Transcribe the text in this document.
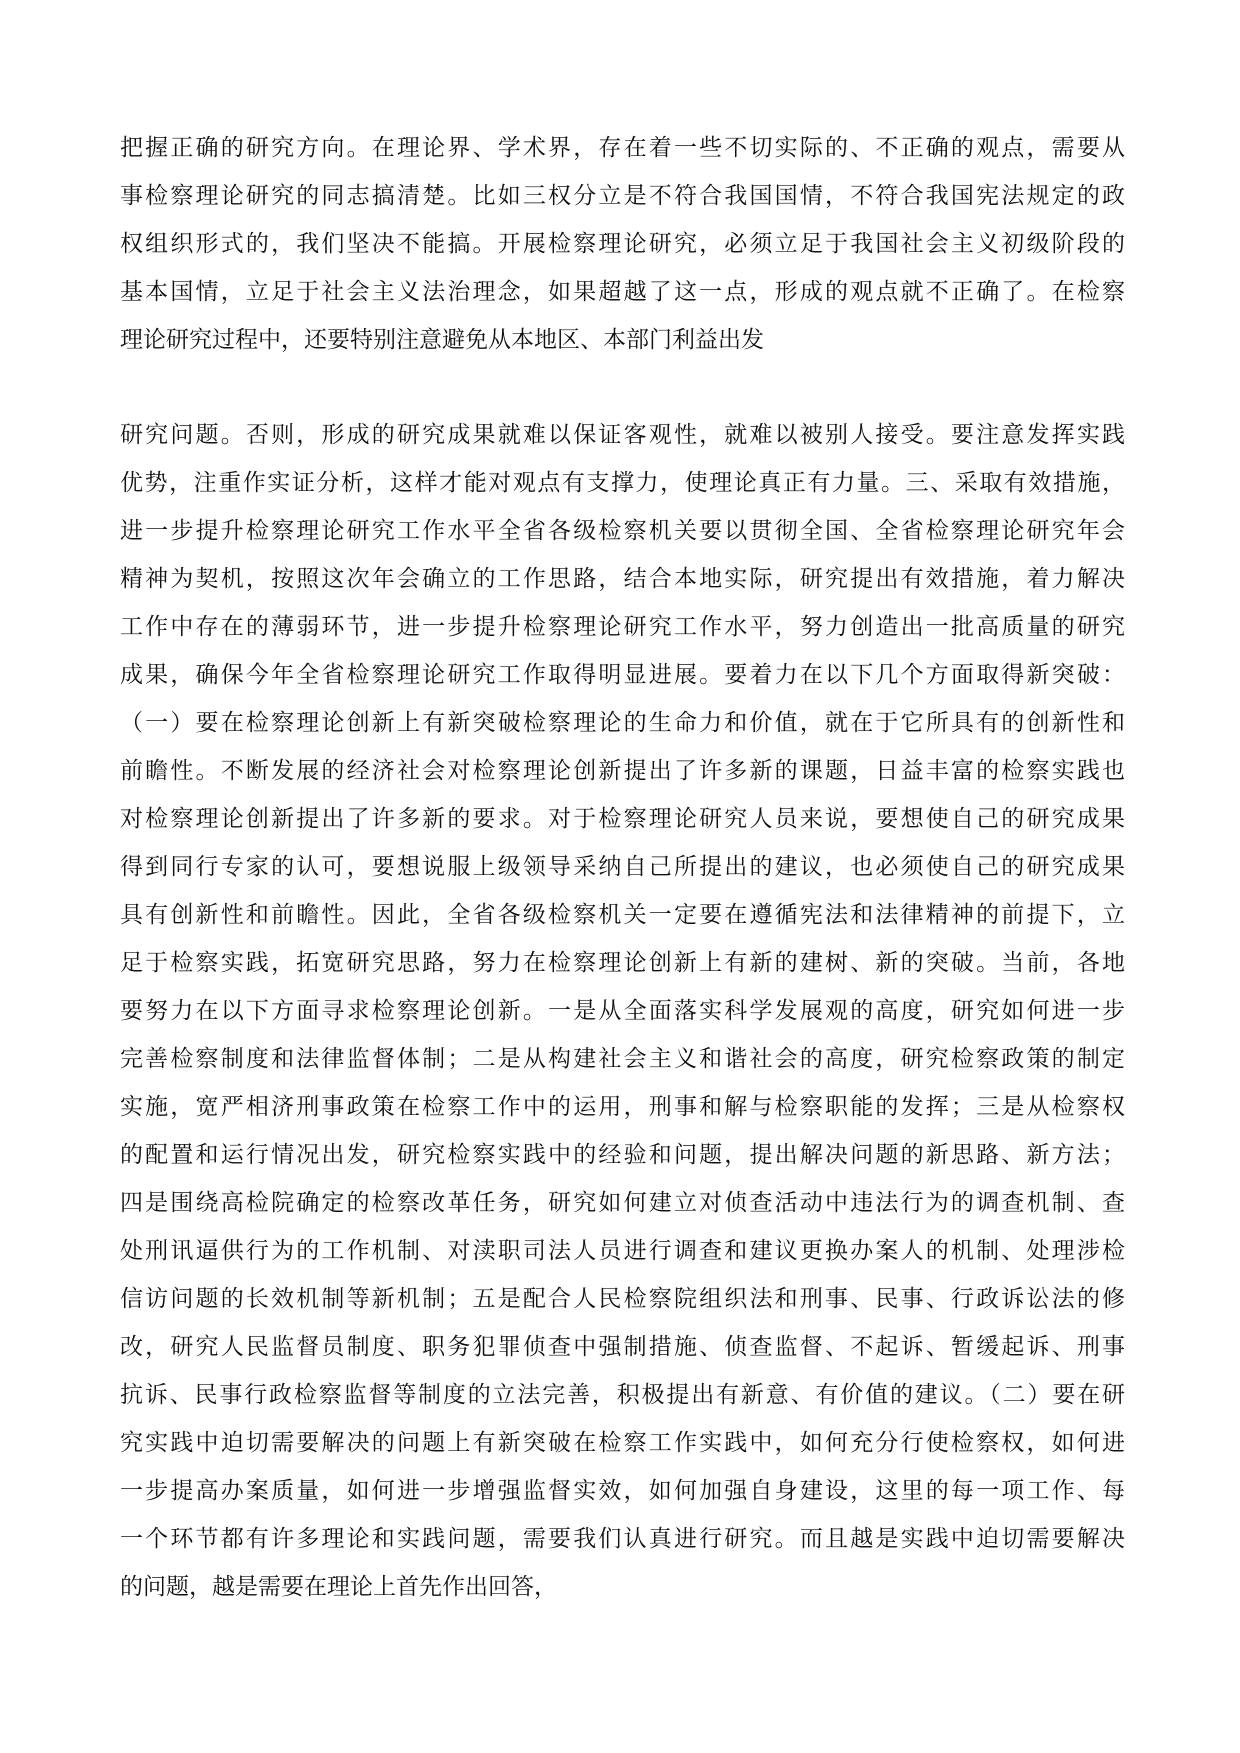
把握正确的研究方向。在理论界、学术界，存在着一些不切实际的、不正确的观点，需要从
事检察理论研究的同志搞清楚。比如三权分立是不符合我国国情，不符合我国宪法规定的政
权组织形式的，我们坚决不能搞。开展检察理论研究，必须立足于我国社会主义初级阶段的
基本国情，立足于社会主义法治理念，如果超越了这一点，形成的观点就不正确了。在检察
理论研究过程中，还要特别注意避免从本地区、本部门利益出发
研究问题。否则，形成的研究成果就难以保证客观性，就难以被别人接受。要注意发挥实践
优势，注重作实证分析，这样才能对观点有支撑力，使理论真正有力量。三、采取有效措施，
进一步提升检察理论研究工作水平全省各级检察机关要以贯彻全国、全省检察理论研究年会
精神为契机，按照这次年会确立的工作思路，结合本地实际，研究提出有效措施，着力解决
工作中存在的薄弱环节，进一步提升检察理论研究工作水平，努力创造出一批高质量的研究
成果，确保今年全省检察理论研究工作取得明显进展。要着力在以下几个方面取得新突破：
（一）要在检察理论创新上有新突破检察理论的生命力和价值，就在于它所具有的创新性和
前瞻性。不断发展的经济社会对检察理论创新提出了许多新的课题，日益丰富的检察实践也
对检察理论创新提出了许多新的要求。对于检察理论研究人员来说，要想使自己的研究成果
得到同行专家的认可，要想说服上级领导采纳自己所提出的建议，也必须使自己的研究成果
具有创新性和前瞻性。因此，全省各级检察机关一定要在遵循宪法和法律精神的前提下，立
足于检察实践，拓宽研究思路，努力在检察理论创新上有新的建树、新的突破。当前，各地
要努力在以下方面寻求检察理论创新。一是从全面落实科学发展观的高度，研究如何进一步
完善检察制度和法律监督体制；二是从构建社会主义和谐社会的高度，研究检察政策的制定
实施，宽严相济刑事政策在检察工作中的运用，刑事和解与检察职能的发挥；三是从检察权
的配置和运行情况出发，研究检察实践中的经验和问题，提出解决问题的新思路、新方法；
四是围绕高检院确定的检察改革任务，研究如何建立对侦查活动中违法行为的调查机制、查
处刑讯逼供行为的工作机制、对渎职司法人员进行调查和建议更换办案人的机制、处理涉检
信访问题的长效机制等新机制；五是配合人民检察院组织法和刑事、民事、行政诉讼法的修
改，研究人民监督员制度、职务犯罪侦查中强制措施、侦查监督、不起诉、暂缓起诉、刑事
抗诉、民事行政检察监督等制度的立法完善，积极提出有新意、有价值的建议。（二）要在研
究实践中迫切需要解决的问题上有新突破在检察工作实践中，如何充分行使检察权，如何进
一步提高办案质量，如何进一步增强监督实效，如何加强自身建设，这里的每一项工作、每
一个环节都有许多理论和实践问题，需要我们认真进行研究。而且越是实践中迫切需要解决
的问题，越是需要在理论上首先作出回答，
